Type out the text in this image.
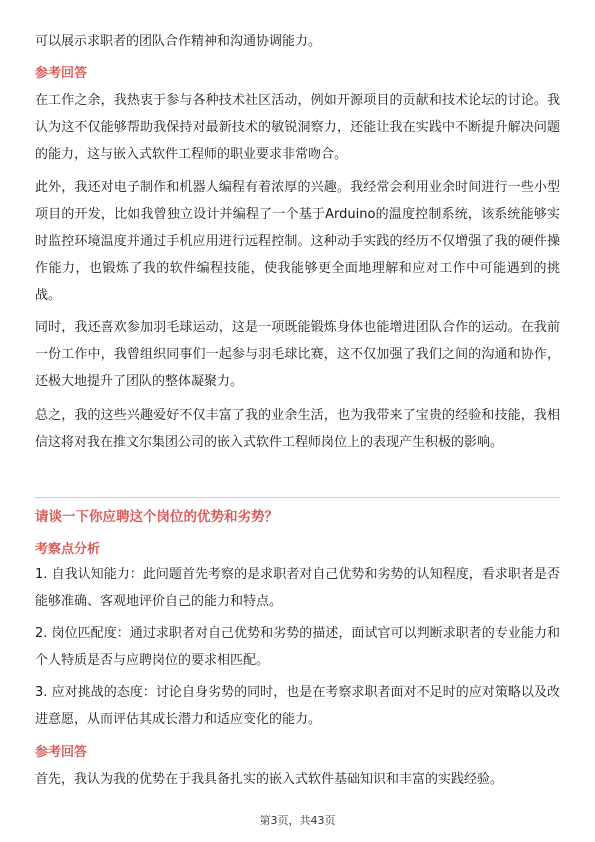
可以展示求职者的团队合作精神和沟通协调能力。

参考回答

在工作之余，我热衷于参与各种技术社区活动，例如开源项目的贡献和技术论坛的讨论。我认为这不仅能够帮助我保持对最新技术的敏锐洞察力，还能让我在实践中不断提升解决问题的能力，这与嵌入式软件工程师的职业要求非常吻合。

此外，我还对电子制作和机器人编程有着浓厚的兴趣。我经常会利用业余时间进行一些小型项目的开发，比如我曾独立设计并编程了一个基于Arduino的温度控制系统，该系统能够实时监控环境温度并通过手机应用进行远程控制。这种动手实践的经历不仅增强了我的硬件操作能力，也锻炼了我的软件编程技能，使我能够更全面地理解和应对工作中可能遇到的挑战。

同时，我还喜欢参加羽毛球运动，这是一项既能锻炼身体也能增进团队合作的运动。在我前一份工作中，我曾组织同事们一起参与羽毛球比赛，这不仅加强了我们之间的沟通和协作，还极大地提升了团队的整体凝聚力。

总之，我的这些兴趣爱好不仅丰富了我的业余生活，也为我带来了宝贵的经验和技能，我相信这将对我在推文尔集团公司的嵌入式软件工程师岗位上的表现产生积极的影响。

请谈一下你应聘这个岗位的优势和劣势？

考察点分析

1. 自我认知能力：此问题首先考察的是求职者对自己优势和劣势的认知程度，看求职者是否能够准确、客观地评价自己的能力和特点。

2. 岗位匹配度：通过求职者对自己优势和劣势的描述，面试官可以判断求职者的专业能力和个人特质是否与应聘岗位的要求相匹配。

3. 应对挑战的态度：讨论自身劣势的同时，也是在考察求职者面对不足时的应对策略以及改进意愿，从而评估其成长潜力和适应变化的能力。

参考回答

首先，我认为我的优势在于我具备扎实的嵌入式软件基础知识和丰富的实践经验。

第3页，共43页
